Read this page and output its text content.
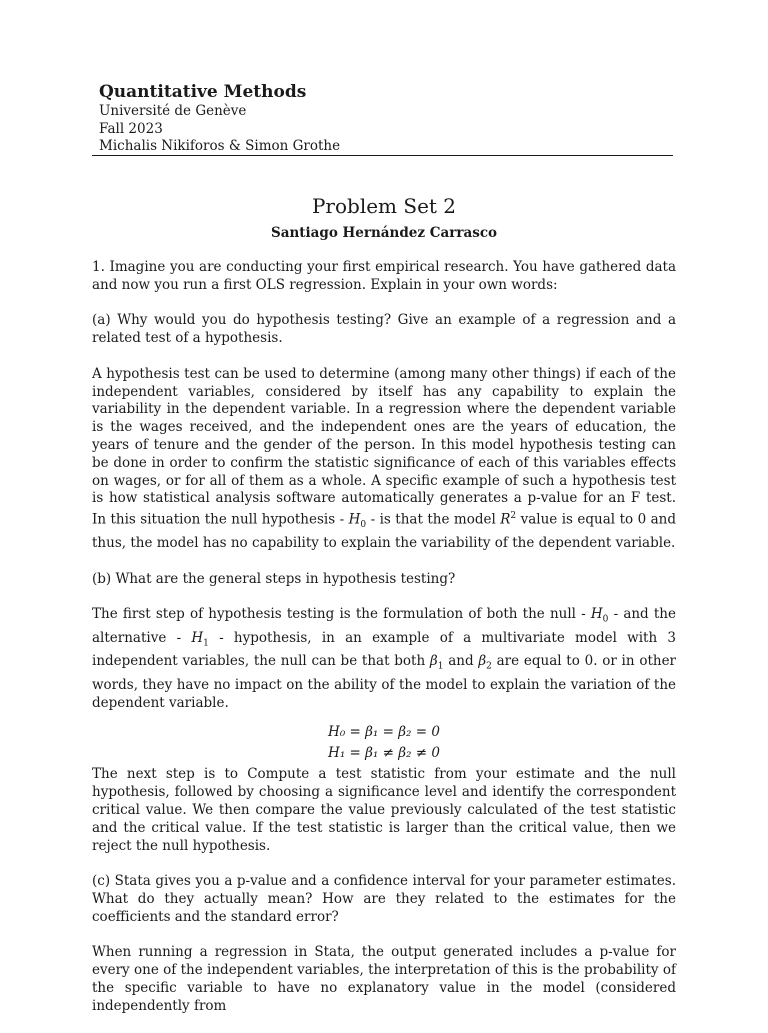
Quantitative Methods
Université de Genève
Fall 2023
Michalis Nikiforos & Simon Grothe
Problem Set 2
Santiago Hernández Carrasco

1. Imagine you are conducting your first empirical research. You have gathered data and now you run a first OLS regression. Explain in your own words:

(a) Why would you do hypothesis testing? Give an example of a regression and a related test of a hypothesis.

A hypothesis test can be used to determine (among many other things) if each of the independent variables, considered by itself has any capability to explain the variability in the dependent variable. In a regression where the dependent variable is the wages received, and the independent ones are the years of education, the years of tenure and the gender of the person. In this model hypothesis testing can be done in order to confirm the statistic significance of each of this variables effects on wages, or for all of them as a whole. A specific example of such a hypothesis test is how statistical analysis software automatically generates a p-value for an F test. In this situation the null hypothesis - $H_0$ - is that the model $R^2$ value is equal to 0 and thus, the model has no capability to explain the variability of the dependent variable.

(b) What are the general steps in hypothesis testing?

The first step of hypothesis testing is the formulation of both the null - $H_0$ - and the alternative - $H_1$ - hypothesis, in an example of a multivariate model with 3 independent variables, the null can be that both $\beta_1$ and $\beta_2$ are equal to 0. or in other words, they have no impact on the ability of the model to explain the variation of the dependent variable.

H₀ = β₁ = β₂ = 0
H₁ = β₁ ≠ β₂ ≠ 0

The next step is to Compute a test statistic from your estimate and the null hypothesis, followed by choosing a significance level and identify the correspondent critical value. We then compare the value previously calculated of the test statistic and the critical value. If the test statistic is larger than the critical value, then we reject the null hypothesis.

(c) Stata gives you a p-value and a confidence interval for your parameter estimates. What do they actually mean? How are they related to the estimates for the coefficients and the standard error?

When running a regression in Stata, the output generated includes a p-value for every one of the independent variables, the interpretation of this is the probability of the specific variable to have no explanatory value in the model (considered independently from
